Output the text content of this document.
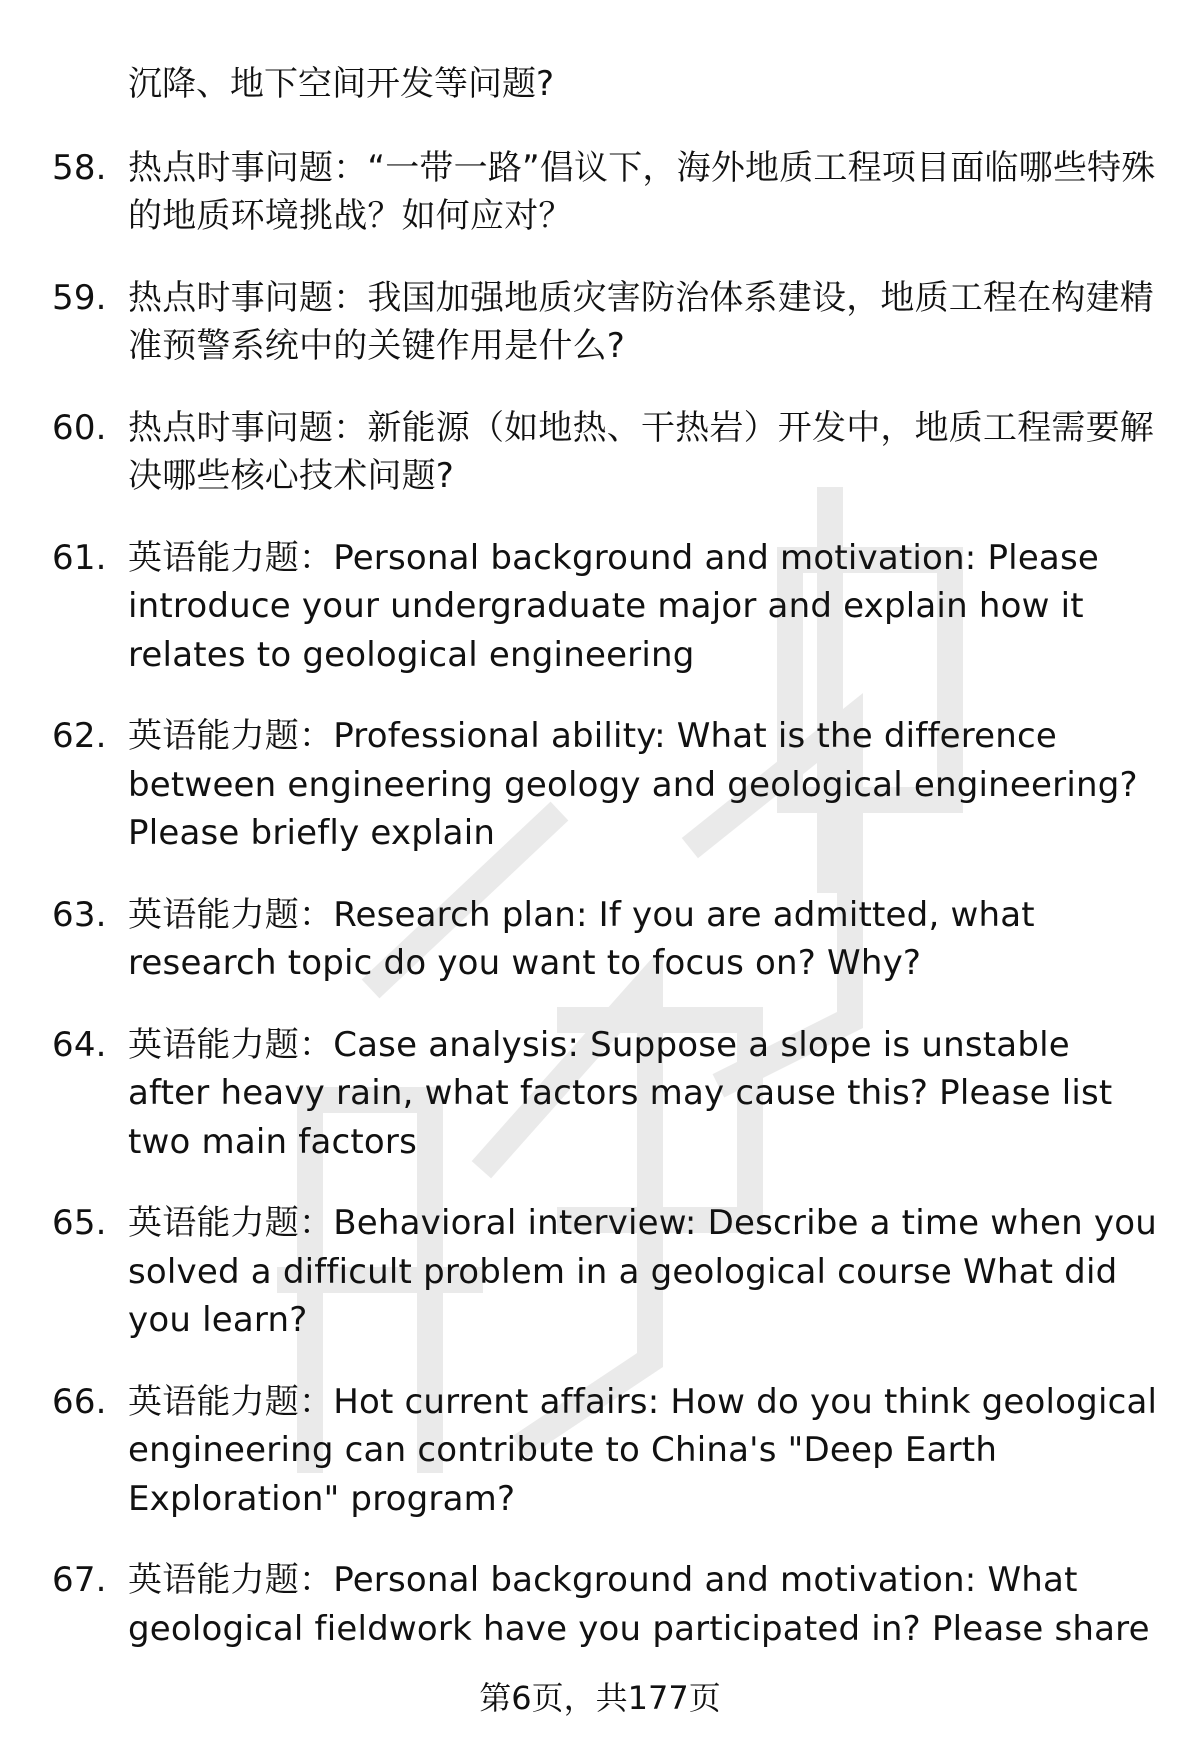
沉降、地下空间开发等问题?
58. 热点时事问题：“一带一路”倡议下，海外地质工程项目面临哪些特殊的地质环境挑战？如何应对？
59. 热点时事问题：我国加强地质灾害防治体系建设，地质工程在构建精准预警系统中的关键作用是什么?
60. 热点时事问题：新能源（如地热、干热岩）开发中，地质工程需要解决哪些核心技术问题?
61. 英语能力题：Personal background and motivation: Please introduce your undergraduate major and explain how it relates to geological engineering
62. 英语能力题：Professional ability: What is the difference between engineering geology and geological engineering? Please briefly explain
63. 英语能力题：Research plan: If you are admitted, what research topic do you want to focus on? Why?
64. 英语能力题：Case analysis: Suppose a slope is unstable after heavy rain, what factors may cause this? Please list two main factors
65. 英语能力题：Behavioral interview: Describe a time when you solved a difficult problem in a geological course What did you learn?
66. 英语能力题：Hot current affairs: How do you think geological engineering can contribute to China's "Deep Earth Exploration" program?
67. 英语能力题：Personal background and motivation: What geological fieldwork have you participated in? Please share
第6页，共177页
